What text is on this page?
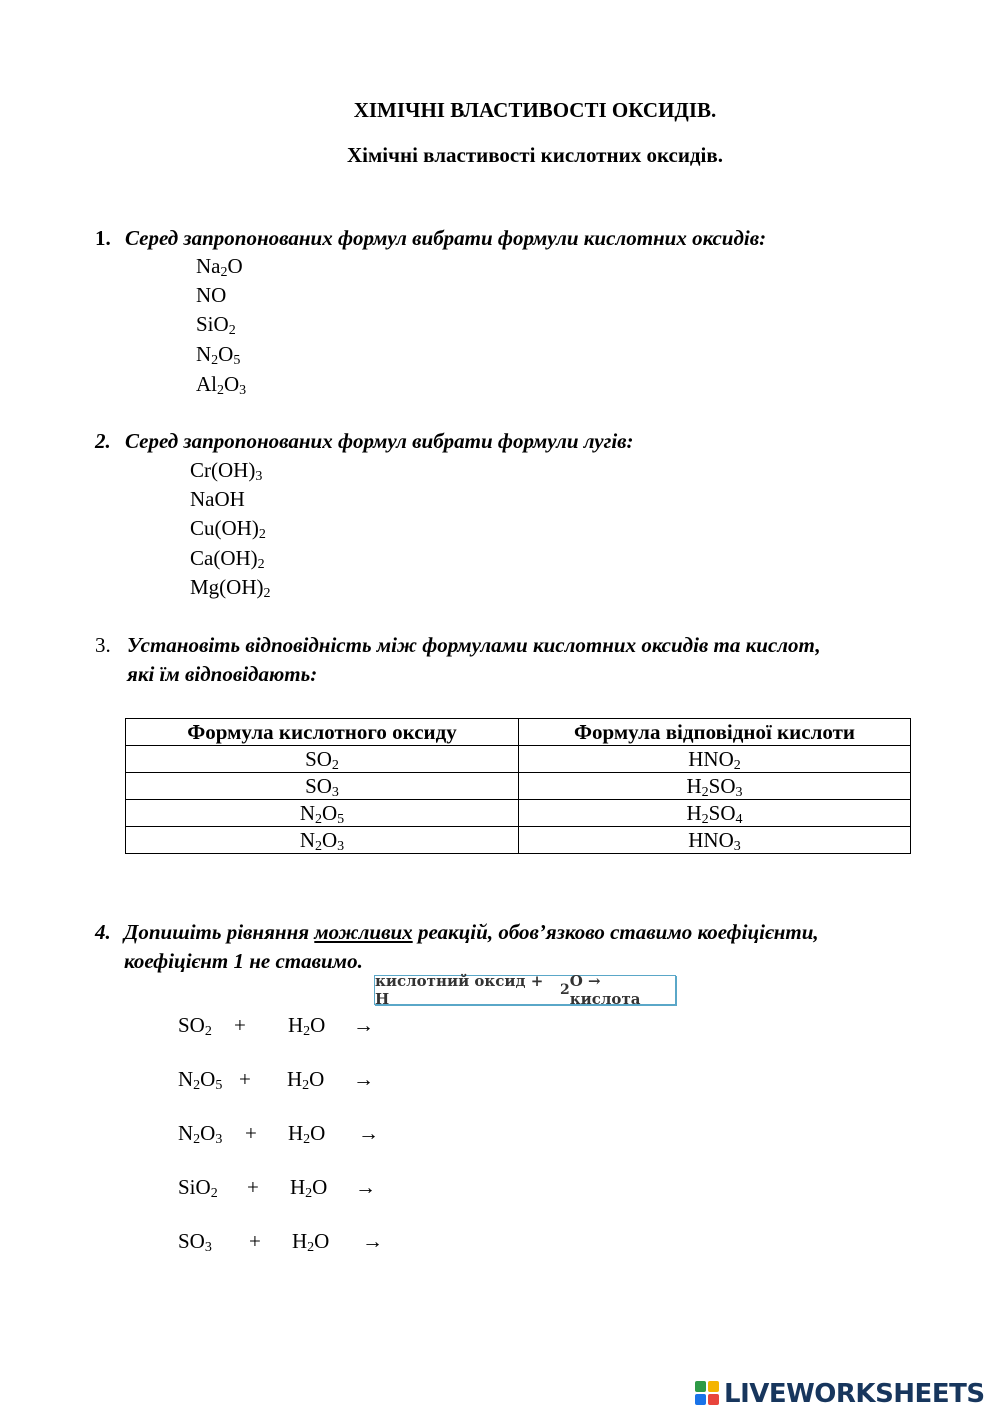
ХІМІЧНІ ВЛАСТИВОСТІ ОКСИДІВ.
Хімічні властивості кислотних оксидів.
1. Серед запропонованих формул вибрати формули кислотних оксидів:
$Na_2O$
NO
SiO$_2$
$N_2O_5$
$Al_2O_3$
2. Серед запропонованих формул вибрати формули лугів:
$Cr(OH)_3$
NaOH
$Cu(OH)_2$
$Ca(OH)_2$
$Mg(OH)_2$
3. Установіть відповідність між формулами кислотних оксидів та кислот,
які їм відповідають:
Формула кислотного оксиду	Формула відповідної кислоти
$SO_2$	$HNO_2$
$SO_3$	$H_2SO_3$
$N_2O_5$	$H_2SO_4$
$N_2O_3$	$HNO_3$
4. Допишіть рівняння можливих реакцій, обов’язково ставимо коефіцієнти,
коефіцієнт 1 не ставимо.
кислотний оксид + H	2 O → кислота
$SO_2 + H_2O$ →
$N_2O_5 + H_2O$ →
$N_2O_3 + H_2O$ →
$SiO_2 + H_2O$ →
$SO_3 + H_2O$ →
LIVEWORKSHEETS
